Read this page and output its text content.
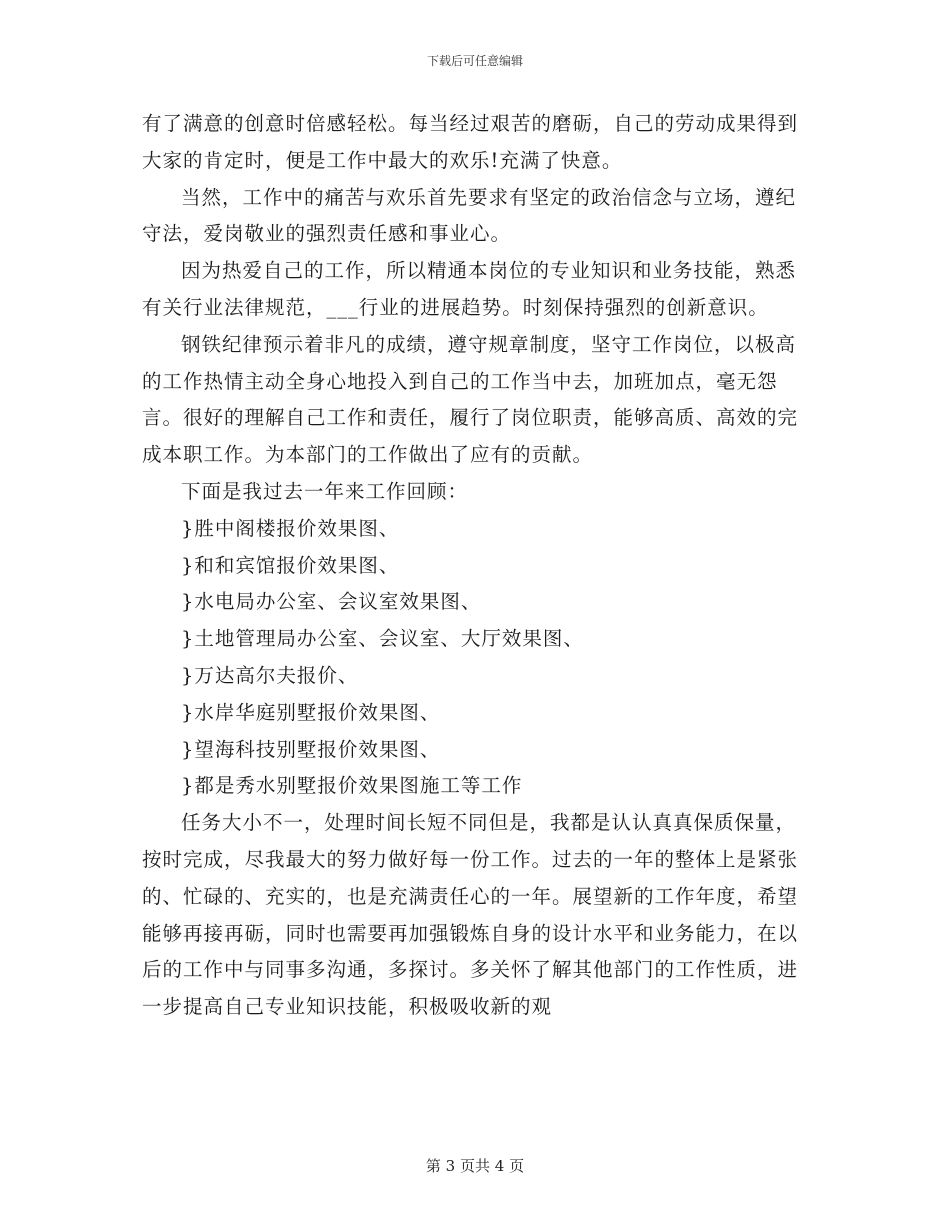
下载后可任意编辑

有了满意的创意时倍感轻松。每当经过艰苦的磨砺，自己的劳动成果得到大家的肯定时，便是工作中最大的欢乐!充满了快意。

当然，工作中的痛苦与欢乐首先要求有坚定的政治信念与立场，遵纪守法，爱岗敬业的强烈责任感和事业心。

因为热爱自己的工作，所以精通本岗位的专业知识和业务技能，熟悉有关行业法律规范，___行业的进展趋势。时刻保持强烈的创新意识。

钢铁纪律预示着非凡的成绩，遵守规章制度，坚守工作岗位，以极高的工作热情主动全身心地投入到自己的工作当中去，加班加点，毫无怨言。很好的理解自己工作和责任，履行了岗位职责，能够高质、高效的完成本职工作。为本部门的工作做出了应有的贡献。

下面是我过去一年来工作回顾：

}胜中阁楼报价效果图、

}和和宾馆报价效果图、

}水电局办公室、会议室效果图、

}土地管理局办公室、会议室、大厅效果图、

}万达高尔夫报价、

}水岸华庭别墅报价效果图、

}望海科技别墅报价效果图、

}都是秀水别墅报价效果图施工等工作

任务大小不一，处理时间长短不同但是，我都是认认真真保质保量，按时完成，尽我最大的努力做好每一份工作。过去的一年的整体上是紧张的、忙碌的、充实的，也是充满责任心的一年。展望新的工作年度，希望能够再接再砺，同时也需要再加强锻炼自身的设计水平和业务能力，在以后的工作中与同事多沟通，多探讨。多关怀了解其他部门的工作性质，进一步提高自己专业知识技能，积极吸收新的观

第 3 页共 4 页
